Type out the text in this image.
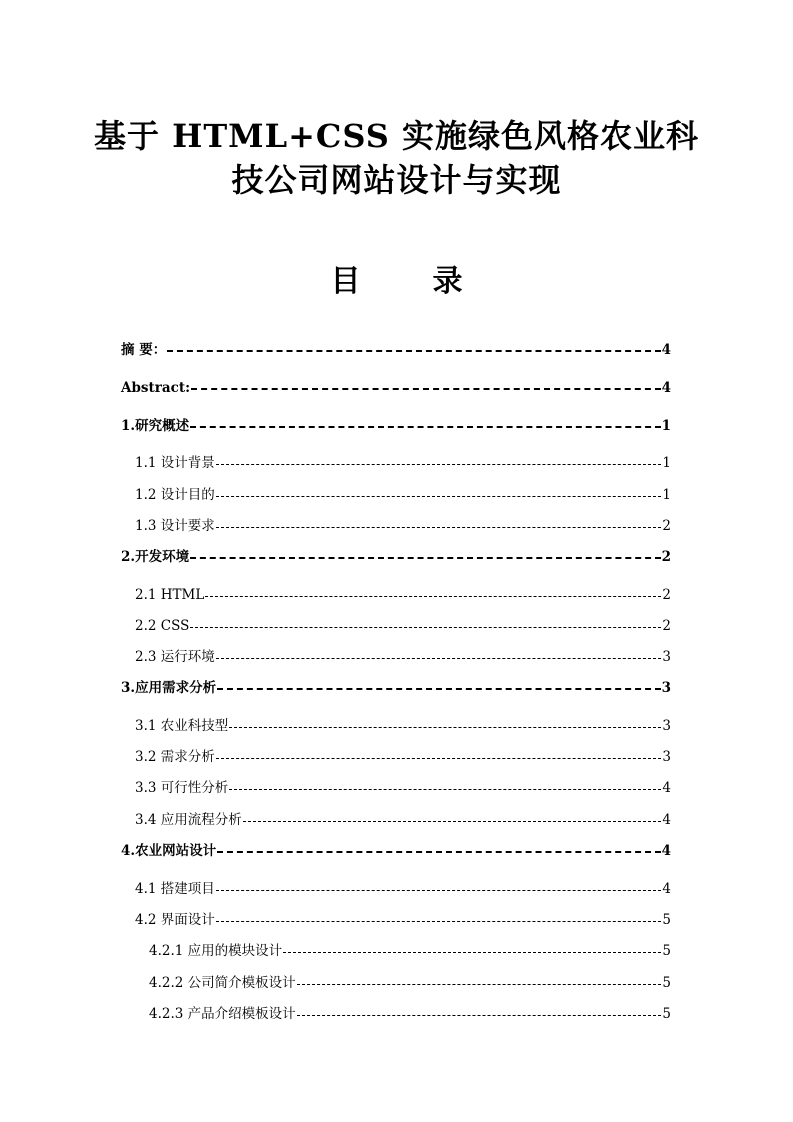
基于 HTML+CSS 实施绿色风格农业科
技公司网站设计与实现
目 录
摘 要：	4
Abstract:	4
1.研究概述	1
1.1 设计背景	1
1.2 设计目的	1
1.3 设计要求	2
2.开发环境	2
2.1 HTML	2
2.2 CSS	2
2.3 运行环境	3
3.应用需求分析	3
3.1 农业科技型	3
3.2 需求分析	3
3.3 可行性分析	4
3.4 应用流程分析	4
4.农业网站设计	4
4.1 搭建项目	4
4.2 界面设计	5
4.2.1 应用的模块设计	5
4.2.2 公司简介模板设计	5
4.2.3 产品介绍模板设计	5
